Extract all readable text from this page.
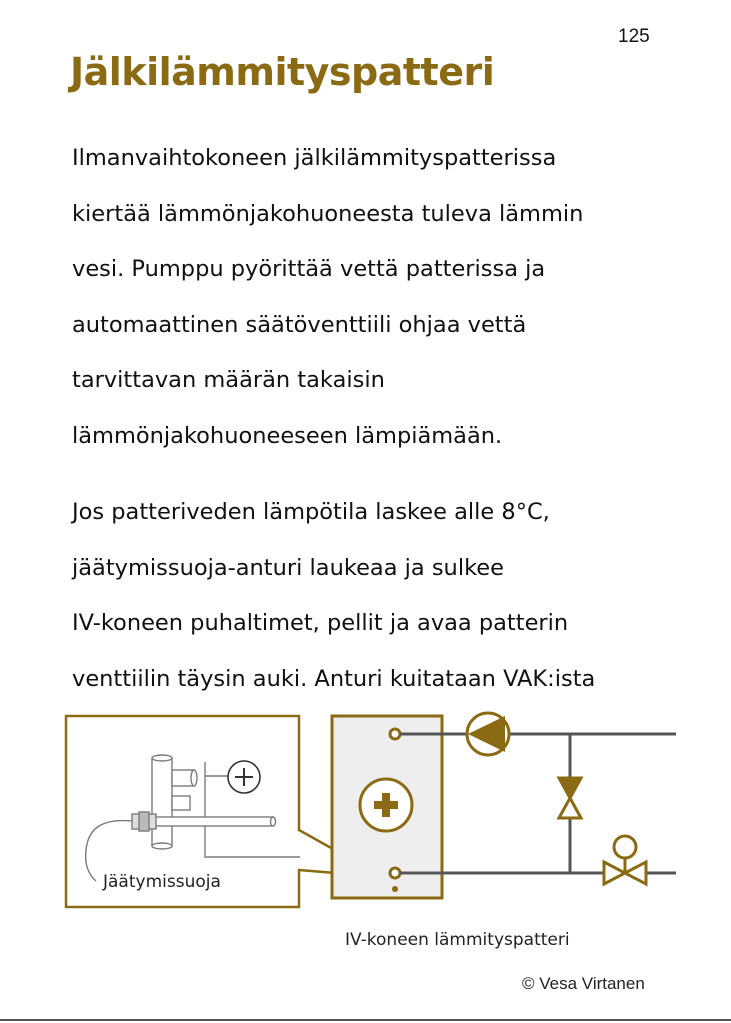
125
Jälkilämmityspatteri
Ilmanvaihtokoneen jälkilämmityspatterissa
kiertää lämmönjakohuoneesta tuleva lämmin
vesi. Pumppu pyörittää vettä patterissa ja
automaattinen säätöventtiili ohjaa vettä
tarvittavan määrän takaisin
lämmönjakohuoneeseen lämpiämään.
Jos patteriveden lämpötila laskee alle 8°C,
jäätymissuoja-anturi laukeaa ja sulkee
IV-koneen puhaltimet, pellit ja avaa patterin
venttiilin täysin auki. Anturi kuitataan VAK:ista
Jäätymissuoja
IV-koneen lämmityspatteri
© Vesa Virtanen
